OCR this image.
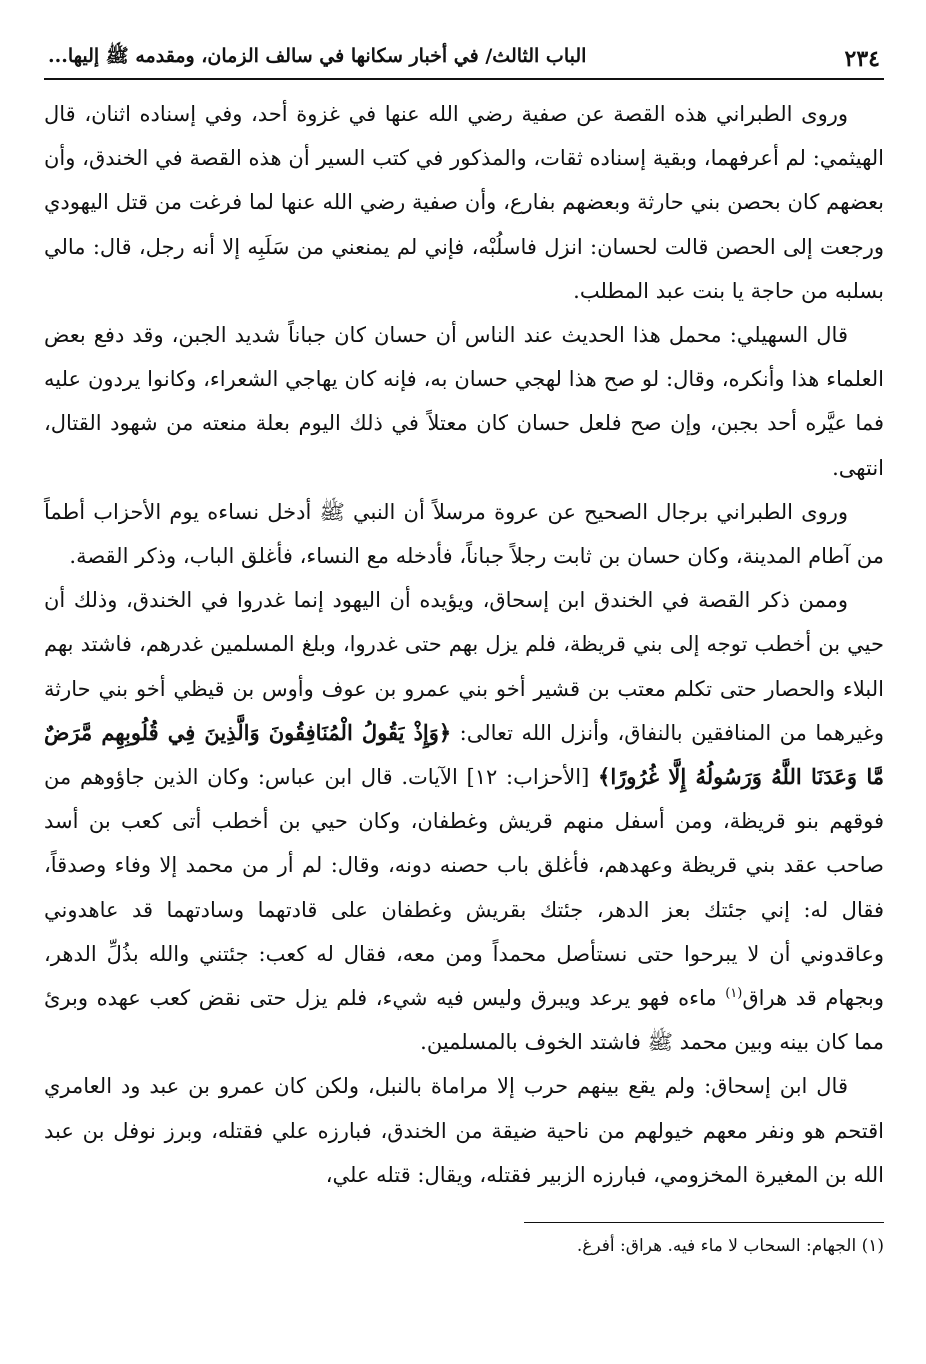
٢٣٤
الباب الثالث/ في أخبار سكانها في سالف الزمان، ومقدمه ﷺ إليها...

وروى الطبراني هذه القصة عن صفية رضي الله عنها في غزوة أحد، وفي إسناده اثنان، قال الهيثمي: لم أعرفهما، وبقية إسناده ثقات، والمذكور في كتب السير أن هذه القصة في الخندق، وأن بعضهم كان بحصن بني حارثة وبعضهم بفارع، وأن صفية رضي الله عنها لما فرغت من قتل اليهودي ورجعت إلى الحصن قالت لحسان: انزل فاسلُبْه، فإني لم يمنعني من سَلَبِه إلا أنه رجل، قال: مالي بسلبه من حاجة يا بنت عبد المطلب.

قال السهيلي: محمل هذا الحديث عند الناس أن حسان كان جباناً شديد الجبن، وقد دفع بعض العلماء هذا وأنكره، وقال: لو صح هذا لهجي حسان به، فإنه كان يهاجي الشعراء، وكانوا يردون عليه فما عيَّره أحد بجبن، وإن صح فلعل حسان كان معتلاً في ذلك اليوم بعلة منعته من شهود القتال، انتهى.

وروى الطبراني برجال الصحيح عن عروة مرسلاً أن النبي ﷺ أدخل نساءه يوم الأحزاب أطماً من آطام المدينة، وكان حسان بن ثابت رجلاً جباناً، فأدخله مع النساء، فأغلق الباب، وذكر القصة.

وممن ذكر القصة في الخندق ابن إسحاق، ويؤيده أن اليهود إنما غدروا في الخندق، وذلك أن حيي بن أخطب توجه إلى بني قريظة، فلم يزل بهم حتى غدروا، وبلغ المسلمين غدرهم، فاشتد بهم البلاء والحصار حتى تكلم معتب بن قشير أخو بني عمرو بن عوف وأوس بن قيظي أخو بني حارثة وغيرهما من المنافقين بالنفاق، وأنزل الله تعالى: ﴿وَإِذْ يَقُولُ الْمُنَافِقُونَ وَالَّذِينَ فِي قُلُوبِهِم مَّرَضٌ مَّا وَعَدَنَا اللَّهُ وَرَسُولُهُ إِلَّا غُرُورًا﴾ [الأحزاب: ١٢] الآيات. قال ابن عباس: وكان الذين جاؤوهم من فوقهم بنو قريظة، ومن أسفل منهم قريش وغطفان، وكان حيي بن أخطب أتى كعب بن أسد صاحب عقد بني قريظة وعهدهم، فأغلق باب حصنه دونه، وقال: لم أر من محمد إلا وفاء وصدقاً، فقال له: إني جئتك بعز الدهر، جئتك بقريش وغطفان على قادتهما وسادتهما قد عاهدوني وعاقدوني أن لا يبرحوا حتى نستأصل محمداً ومن معه، فقال له كعب: جئتني والله بذُلِّ الدهر، وبجهام قد هراق$^{(١)}$ ماءه فهو يرعد ويبرق وليس فيه شيء، فلم يزل حتى نقض كعب عهده وبرئ مما كان بينه وبين محمد ﷺ فاشتد الخوف بالمسلمين.

قال ابن إسحاق: ولم يقع بينهم حرب إلا مراماة بالنبل، ولكن كان عمرو بن عبد ود العامري اقتحم هو ونفر معهم خيولهم من ناحية ضيقة من الخندق، فبارزه علي فقتله، وبرز نوفل بن عبد الله بن المغيرة المخزومي، فبارزه الزبير فقتله، ويقال: قتله علي،

(١) الجهام: السحاب لا ماء فيه. هراق: أفرغ.
